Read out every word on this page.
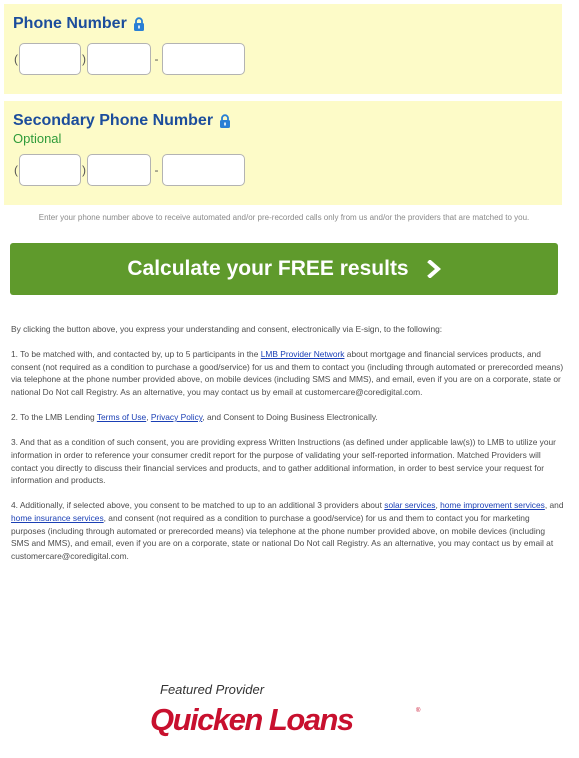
Phone Number
(	)	-
Secondary Phone Number
Optional
(	)	-
Enter your phone number above to receive automated and/or pre-recorded calls only from us and/or the providers that are matched to you.
Calculate your FREE results

By clicking the button above, you express your understanding and consent, electronically via E-sign, to the following:

1. To be matched with, and contacted by, up to 5 participants in the LMB Provider Network about mortgage and financial services products, and consent (not required as a condition to purchase a good/service) for us and them to contact you (including through automated or prerecorded means) via telephone at the phone number provided above, on mobile devices (including SMS and MMS), and email, even if you are on a corporate, state or national Do Not call Registry. As an alternative, you may contact us by email at customercare@coredigital.com.

2. To the LMB Lending Terms of Use, Privacy Policy, and Consent to Doing Business Electronically.

3. And that as a condition of such consent, you are providing express Written Instructions (as defined under applicable law(s)) to LMB to utilize your information in order to reference your consumer credit report for the purpose of validating your self-reported information. Matched Providers will contact you directly to discuss their financial services and products, and to gather additional information, in order to best service your request for information and products.

4. Additionally, if selected above, you consent to be matched to up to an additional 3 providers about solar services, home improvement services, and home insurance services, and consent (not required as a condition to purchase a good/service) for us and them to contact you for marketing purposes (including through automated or prerecorded means) via telephone at the phone number provided above, on mobile devices (including SMS and MMS), and email, even if you are on a corporate, state or national Do Not call Registry. As an alternative, you may contact us by email at customercare@coredigital.com.

Featured Provider
Quicken Loans	®
